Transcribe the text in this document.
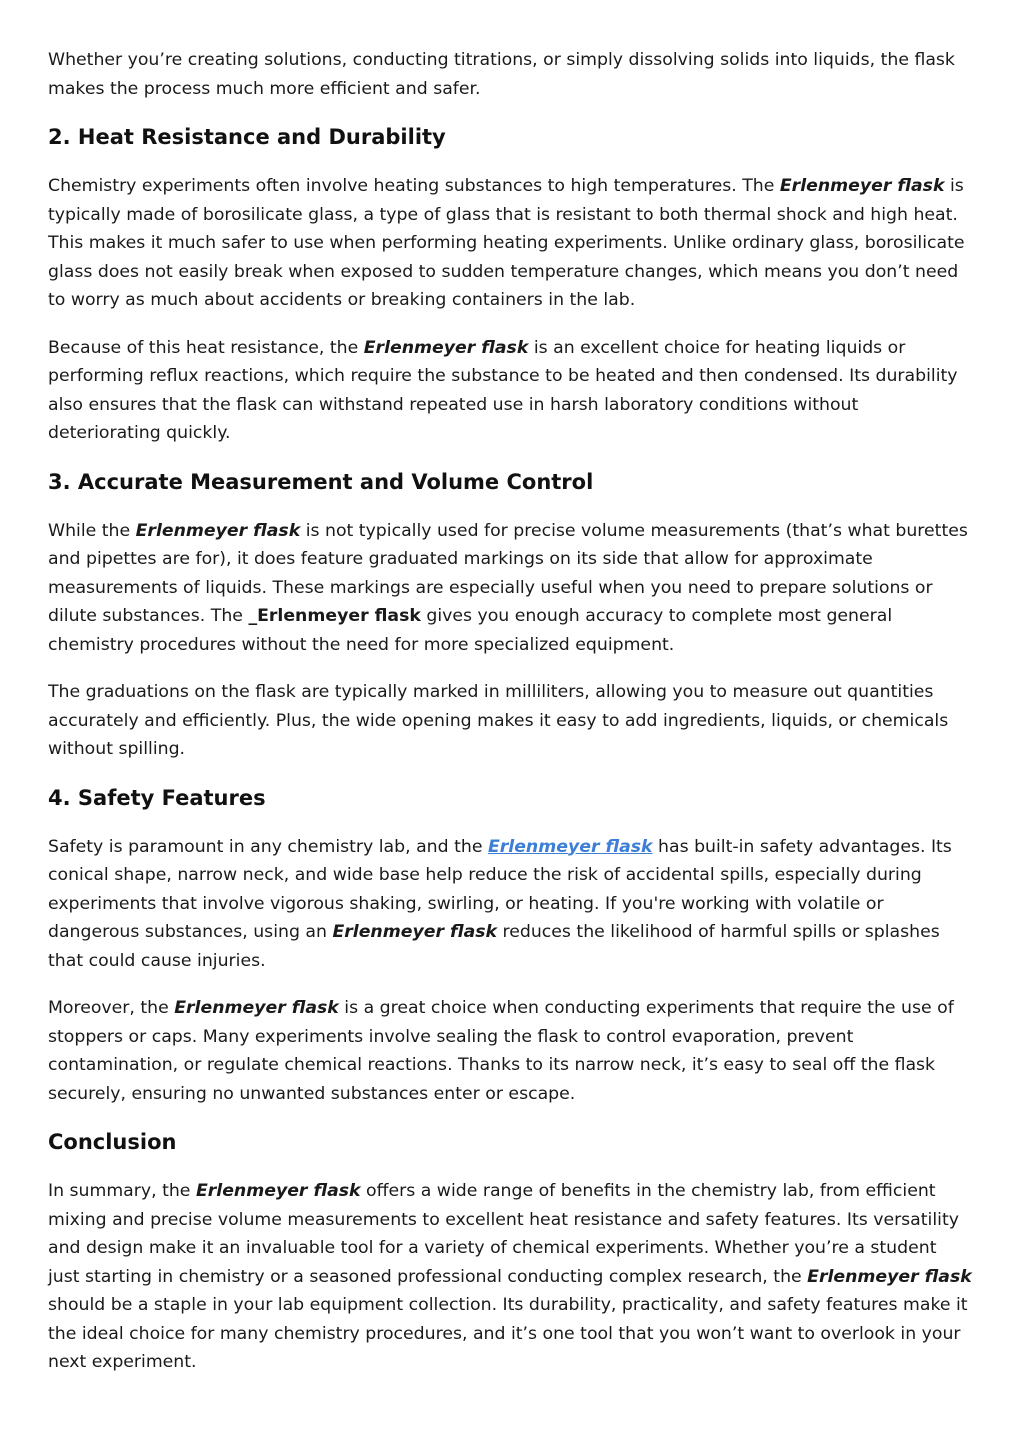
Whether you’re creating solutions, conducting titrations, or simply dissolving solids into liquids, the flask makes the process much more efficient and safer.

2. Heat Resistance and Durability

Chemistry experiments often involve heating substances to high temperatures. The Erlenmeyer flask is typically made of borosilicate glass, a type of glass that is resistant to both thermal shock and high heat. This makes it much safer to use when performing heating experiments. Unlike ordinary glass, borosilicate glass does not easily break when exposed to sudden temperature changes, which means you don’t need to worry as much about accidents or breaking containers in the lab.

Because of this heat resistance, the Erlenmeyer flask is an excellent choice for heating liquids or performing reflux reactions, which require the substance to be heated and then condensed. Its durability also ensures that the flask can withstand repeated use in harsh laboratory conditions without deteriorating quickly.

3. Accurate Measurement and Volume Control

While the Erlenmeyer flask is not typically used for precise volume measurements (that’s what burettes and pipettes are for), it does feature graduated markings on its side that allow for approximate measurements of liquids. These markings are especially useful when you need to prepare solutions or dilute substances. The _Erlenmeyer flask gives you enough accuracy to complete most general chemistry procedures without the need for more specialized equipment.

The graduations on the flask are typically marked in milliliters, allowing you to measure out quantities accurately and efficiently. Plus, the wide opening makes it easy to add ingredients, liquids, or chemicals without spilling.

4. Safety Features

Safety is paramount in any chemistry lab, and the Erlenmeyer flask has built-in safety advantages. Its conical shape, narrow neck, and wide base help reduce the risk of accidental spills, especially during experiments that involve vigorous shaking, swirling, or heating. If you're working with volatile or dangerous substances, using an Erlenmeyer flask reduces the likelihood of harmful spills or splashes that could cause injuries.

Moreover, the Erlenmeyer flask is a great choice when conducting experiments that require the use of stoppers or caps. Many experiments involve sealing the flask to control evaporation, prevent contamination, or regulate chemical reactions. Thanks to its narrow neck, it’s easy to seal off the flask securely, ensuring no unwanted substances enter or escape.

Conclusion

In summary, the Erlenmeyer flask offers a wide range of benefits in the chemistry lab, from efficient mixing and precise volume measurements to excellent heat resistance and safety features. Its versatility and design make it an invaluable tool for a variety of chemical experiments. Whether you’re a student just starting in chemistry or a seasoned professional conducting complex research, the Erlenmeyer flask should be a staple in your lab equipment collection. Its durability, practicality, and safety features make it the ideal choice for many chemistry procedures, and it’s one tool that you won’t want to overlook in your next experiment.
